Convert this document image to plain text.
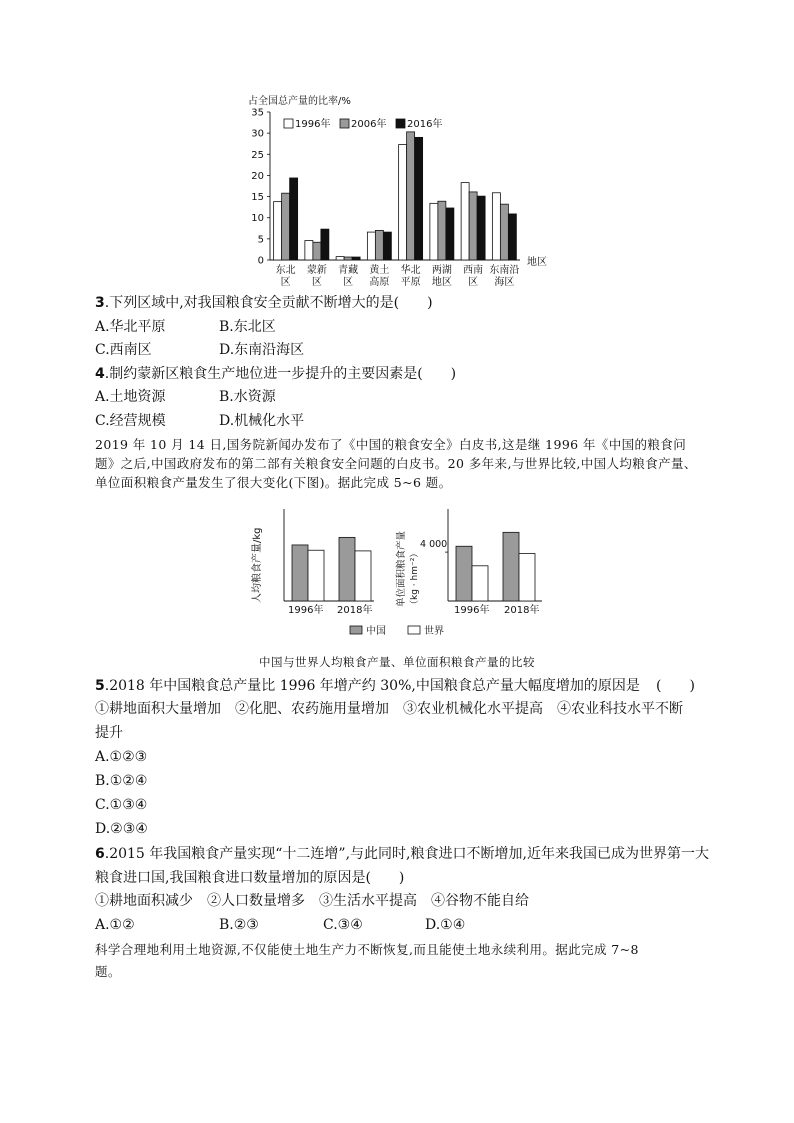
占全国总产量的比率/%
1996年 2006年 2016年
0
5
10
15
20
25
30
35
东北
区
蒙新
区
青藏
区
黄土
高原
华北
平原
两湖
地区
西南
区
东南沿
海区
地区
3.下列区域中,对我国粮食安全贡献不断增大的是(　　)
A.华北平原	B.东北区
C.西南区	D.东南沿海区
4.制约蒙新区粮食生产地位进一步提升的主要因素是(　　)
A.土地资源	B.水资源
C.经营规模	D.机械化水平
2019 年 10 月 14 日,国务院新闻办发布了《中国的粮食安全》白皮书,这是继 1996 年《中国的粮食问题》之后,中国政府发布的第二部有关粮食安全问题的白皮书。20 多年来,与世界比较,中国人均粮食产量、单位面积粮食产量发生了很大变化(下图)。据此完成 5~6 题。
人均粮食产量/kg	单位面积粮食产量 （kg · hm⁻²）
4 000
1996年 2018年	1996年 2018年
中国	世界
中国与世界人均粮食产量、单位面积粮食产量的比较
5.2018 年中国粮食总产量比 1996 年增产约 30%,中国粮食总产量大幅度增加的原因是 (　　)
①耕地面积大量增加　②化肥、农药施用量增加　③农业机械化水平提高　④农业科技水平不断
提升
A.①②③
B.①②④
C.①③④
D.②③④
6.2015 年我国粮食产量实现“十二连增”,与此同时,粮食进口不断增加,近年来我国已成为世界第一大
粮食进口国,我国粮食进口数量增加的原因是(　　)
①耕地面积减少　②人口数量增多　③生活水平提高　④谷物不能自给
A.①②	B.②③	C.③④	D.①④
科学合理地利用土地资源,不仅能使土地生产力不断恢复,而且能使土地永续利用。据此完成 7~8
题。
